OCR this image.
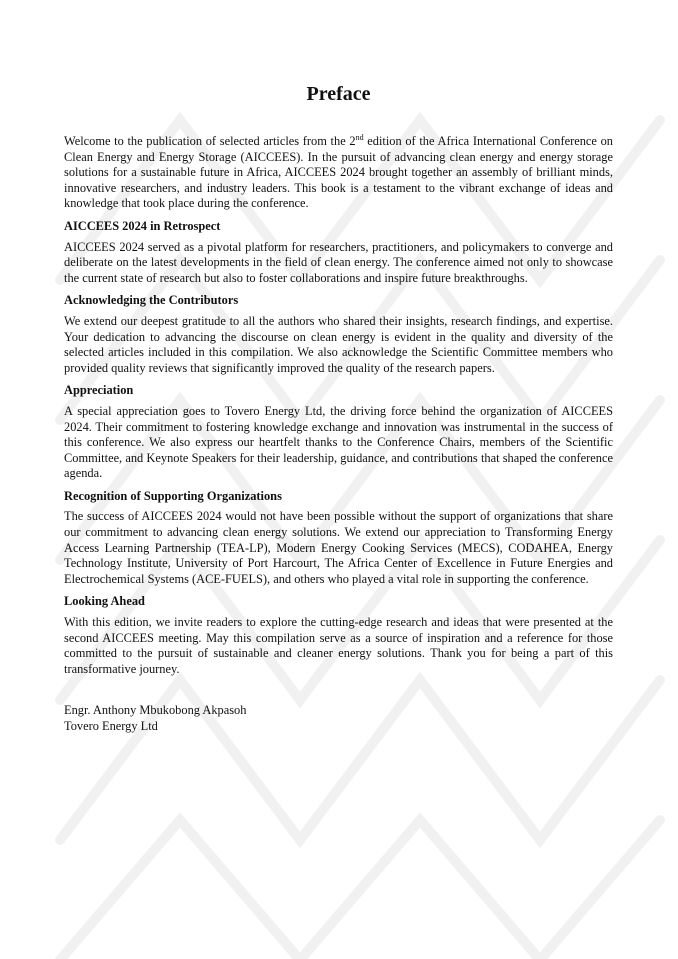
Preface

Welcome to the publication of selected articles from the 2nd edition of the Africa International Conference on Clean Energy and Energy Storage (AICCEES). In the pursuit of advancing clean energy and energy storage solutions for a sustainable future in Africa, AICCEES 2024 brought together an assembly of brilliant minds, innovative researchers, and industry leaders. This book is a testament to the vibrant exchange of ideas and knowledge that took place during the conference.

AICCEES 2024 in Retrospect

AICCEES 2024 served as a pivotal platform for researchers, practitioners, and policymakers to converge and deliberate on the latest developments in the field of clean energy. The conference aimed not only to showcase the current state of research but also to foster collaborations and inspire future breakthroughs.

Acknowledging the Contributors

We extend our deepest gratitude to all the authors who shared their insights, research findings, and expertise. Your dedication to advancing the discourse on clean energy is evident in the quality and diversity of the selected articles included in this compilation. We also acknowledge the Scientific Committee members who provided quality reviews that significantly improved the quality of the research papers.

Appreciation

A special appreciation goes to Tovero Energy Ltd, the driving force behind the organization of AICCEES 2024. Their commitment to fostering knowledge exchange and innovation was instrumental in the success of this conference. We also express our heartfelt thanks to the Conference Chairs, members of the Scientific Committee, and Keynote Speakers for their leadership, guidance, and contributions that shaped the conference agenda.

Recognition of Supporting Organizations

The success of AICCEES 2024 would not have been possible without the support of organizations that share our commitment to advancing clean energy solutions. We extend our appreciation to Transforming Energy Access Learning Partnership (TEA-LP), Modern Energy Cooking Services (MECS), CODAHEA, Energy Technology Institute, University of Port Harcourt, The Africa Center of Excellence in Future Energies and Electrochemical Systems (ACE-FUELS), and others who played a vital role in supporting the conference.

Looking Ahead

With this edition, we invite readers to explore the cutting-edge research and ideas that were presented at the second AICCEES meeting. May this compilation serve as a source of inspiration and a reference for those committed to the pursuit of sustainable and cleaner energy solutions. Thank you for being a part of this transformative journey.

Engr. Anthony Mbukobong Akpasoh
Tovero Energy Ltd
